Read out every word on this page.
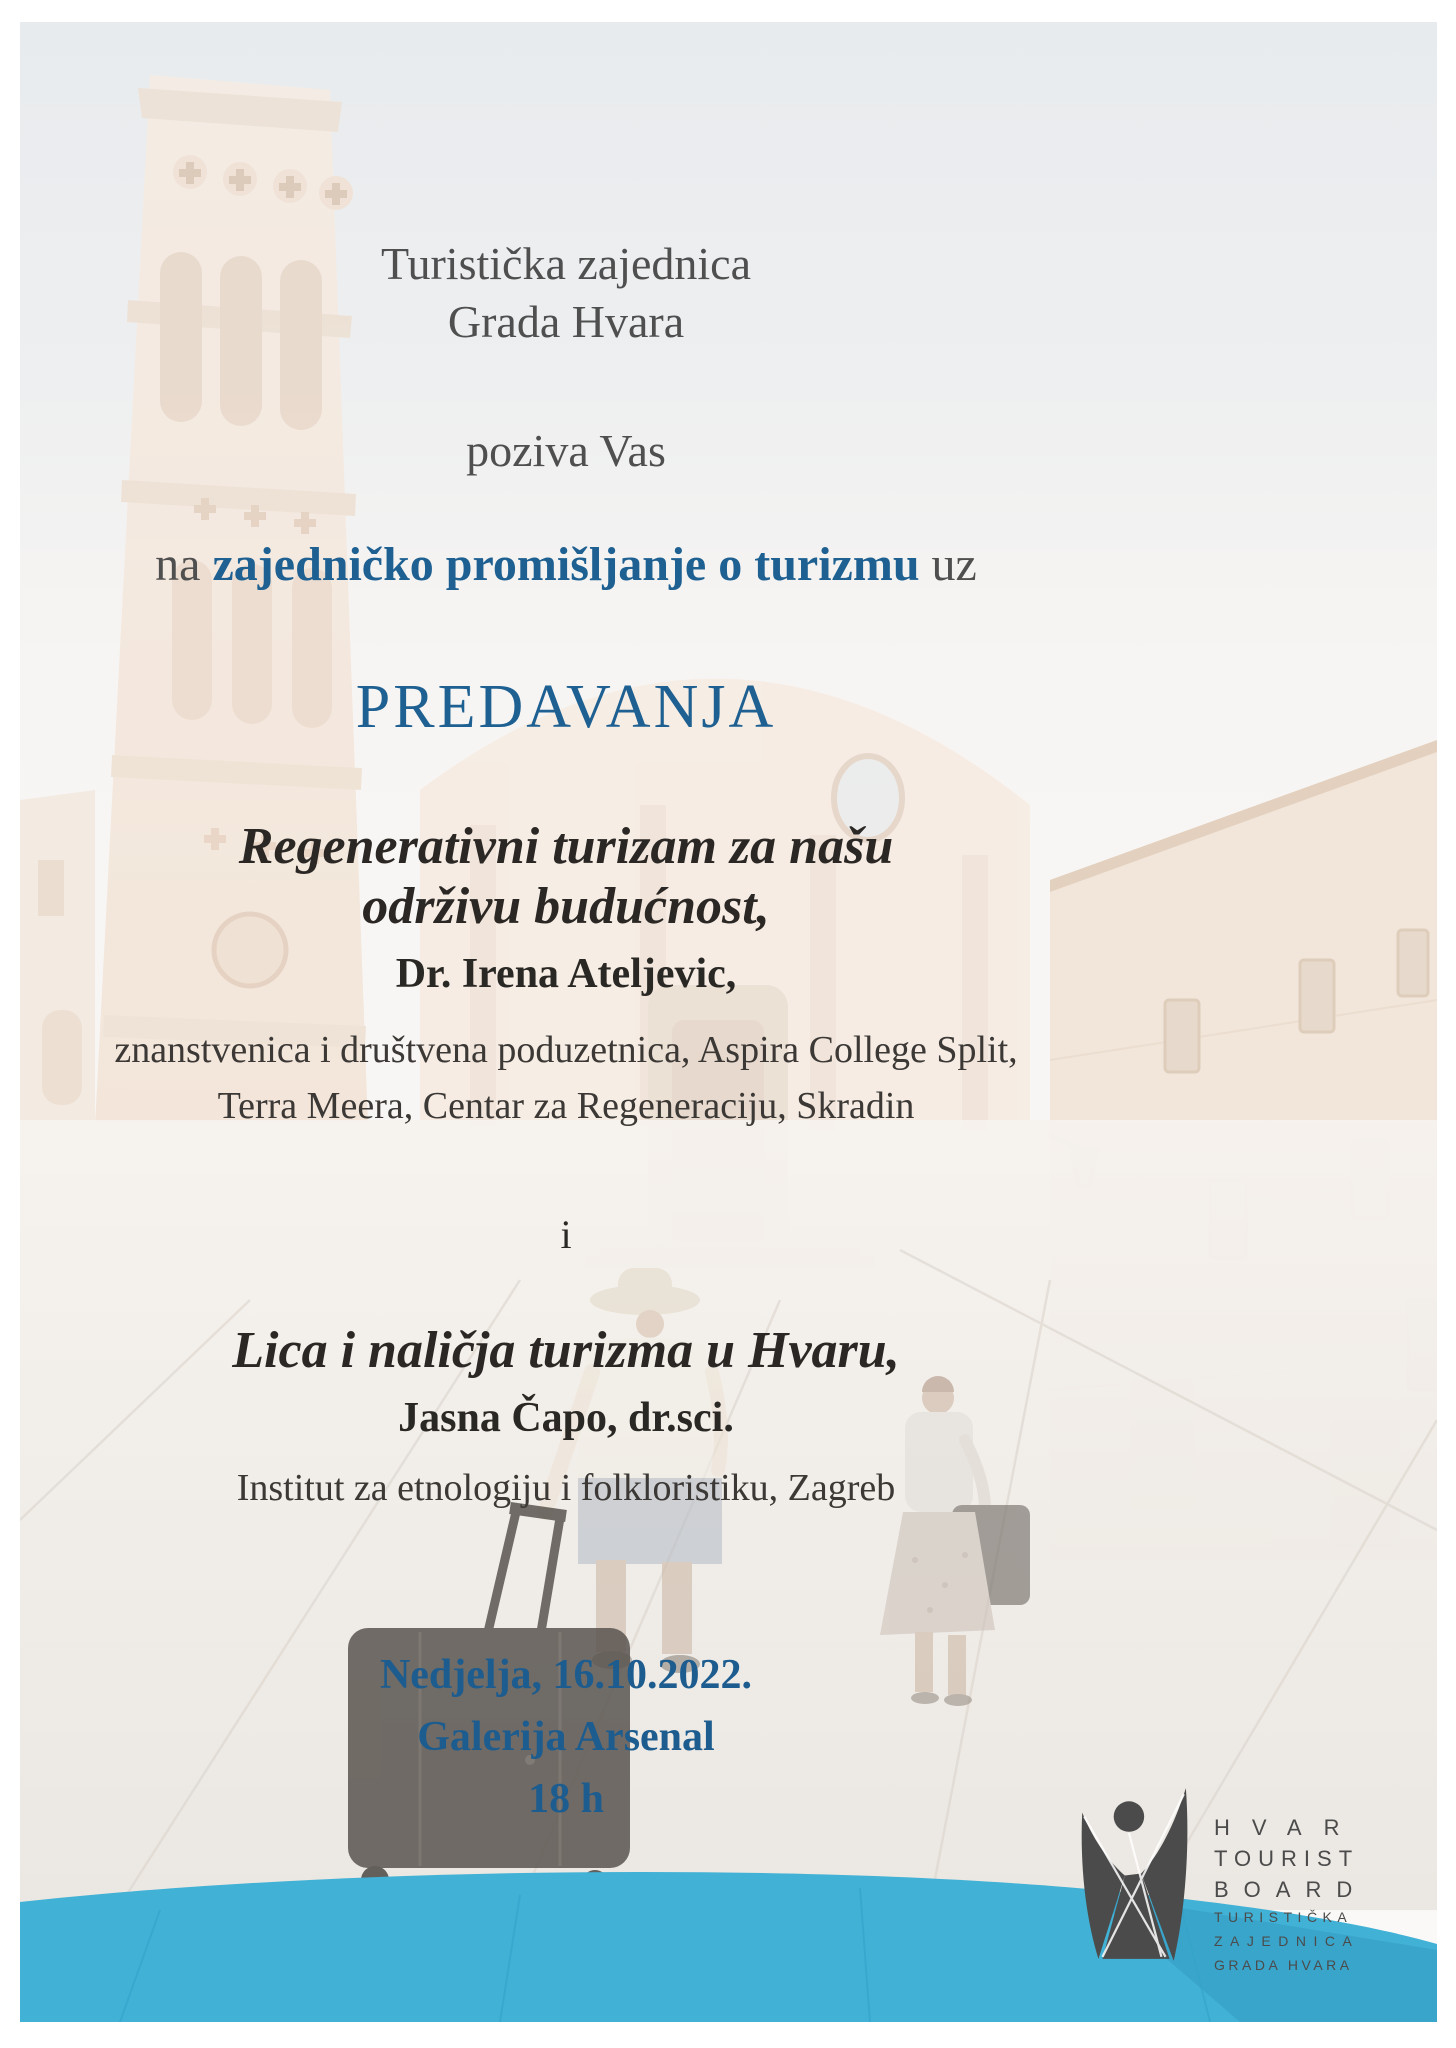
Turistička zajednica
Grada Hvara
poziva Vas
na zajedničko promišljanje o turizmu uz
PREDAVANJA
Regenerativni turizam za našu
održivu budućnost,
Dr. Irena Ateljevic,
znanstvenica i društvena poduzetnica, Aspira College Split,
Terra Meera, Centar za Regeneraciju, Skradin
i
Lica i naličja turizma u Hvaru,
Jasna Čapo, dr.sci.
Institut za etnologiju i folkloristiku, Zagreb
Nedjelja, 16.10.2022.
Galerija Arsenal
18 h
HVAR
TOURIST
BOARD
TURISTIČKA
ZAJEDNICA
GRADA HVARA
